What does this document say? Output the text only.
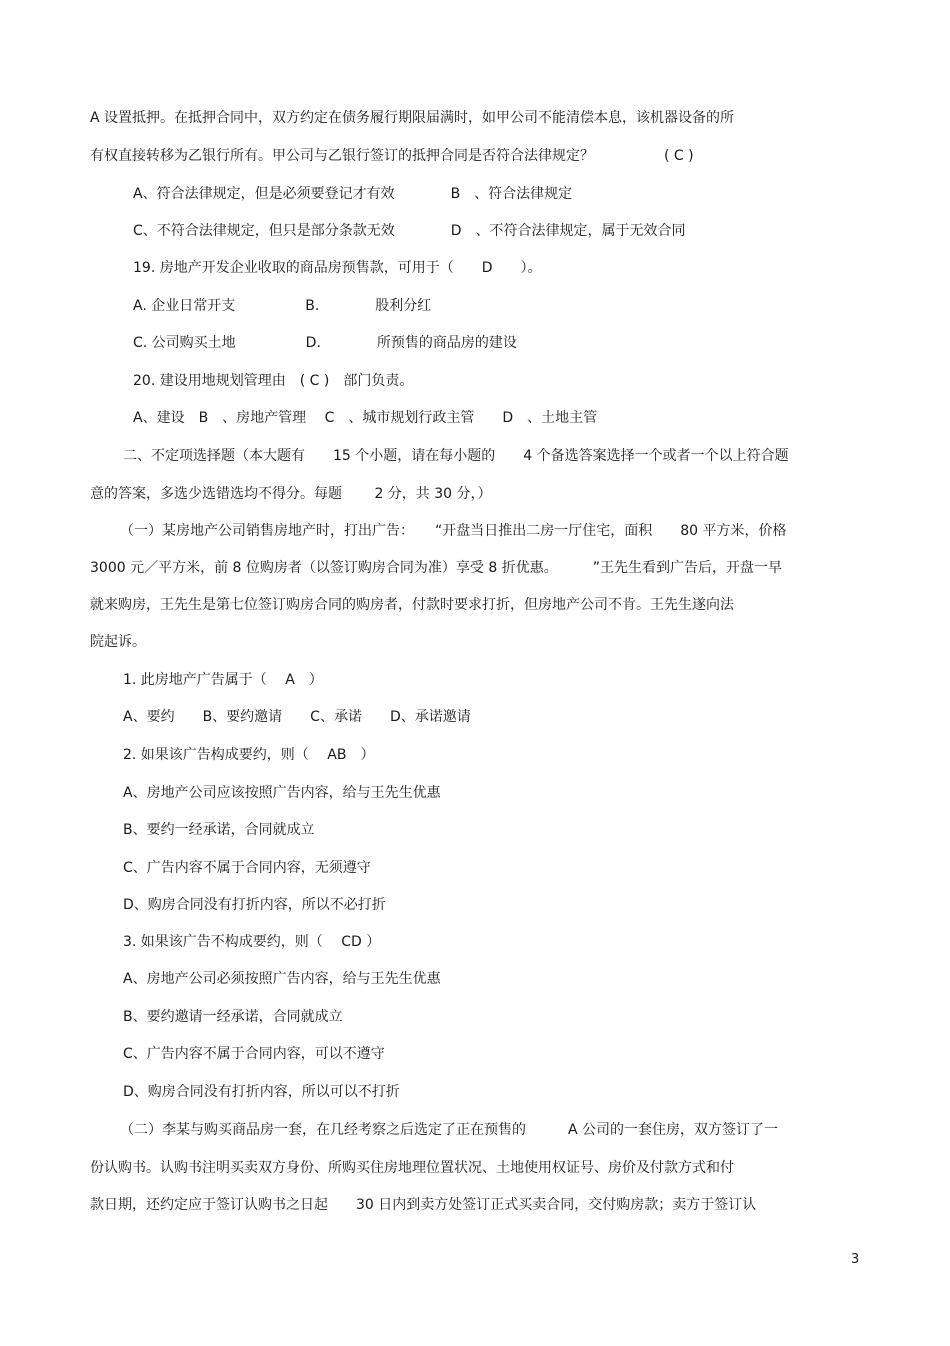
A 设置抵押。在抵押合同中，双方约定在债务履行期限届满时，如甲公司不能清偿本息，该机器设备的所

有权直接转移为乙银行所有。甲公司与乙银行签订的抵押合同是否符合法律规定？　　　　　( C )

A、符合法律规定，但是必须要登记才有效　　　　B　、符合法律规定

C、不符合法律规定，但只是部分条款无效　　　　D　、不符合法律规定，属于无效合同

19. 房地产开发企业收取的商品房预售款，可用于（　　D　　）。

A. 企业日常开支　　　　　B.　　　　股利分红

C. 公司购买土地　　　　　D.　　　　所预售的商品房的建设

20. 建设用地规划管理由　( C )　部门负责。

A、建设　B　、房地产管理　 C　、城市规划行政主管　　D　、土地主管

二、不定项选择题（本大题有　　15 个小题，请在每小题的　　4 个备选答案选择一个或者一个以上符合题

意的答案，多选少选错选均不得分。每题　　 2 分，共 30 分，）

（一）某房地产公司销售房地产时，打出广告：　　“开盘当日推出二房一厅住宅，面积　　80 平方米，价格

3000 元／平方米，前 8 位购房者（以签订购房合同为准）享受 8 折优惠。　　　”王先生看到广告后，开盘一早

就来购房，王先生是第七位签订购房合同的购房者，付款时要求打折，但房地产公司不肯。王先生遂向法

院起诉。

1. 此房地产广告属于（　 A　）

A、要约　　B、要约邀请　　C、承诺　　D、承诺邀请

2. 如果该广告构成要约，则（　 AB　）

A、房地产公司应该按照广告内容，给与王先生优惠

B、要约一经承诺，合同就成立

C、广告内容不属于合同内容，无须遵守

D、购房合同没有打折内容，所以不必打折

3. 如果该广告不构成要约，则（　 CD ）

A、房地产公司必须按照广告内容，给与王先生优惠

B、要约邀请一经承诺，合同就成立

C、广告内容不属于合同内容，可以不遵守

D、购房合同没有打折内容，所以可以不打折

（二）李某与购买商品房一套，在几经考察之后选定了正在预售的　　　A 公司的一套住房，双方签订了一

份认购书。认购书注明买卖双方身份、所购买住房地理位置状况、土地使用权证号、房价及付款方式和付

款日期，还约定应于签订认购书之日起　　30 日内到卖方处签订正式买卖合同，交付购房款；卖方于签订认

3
